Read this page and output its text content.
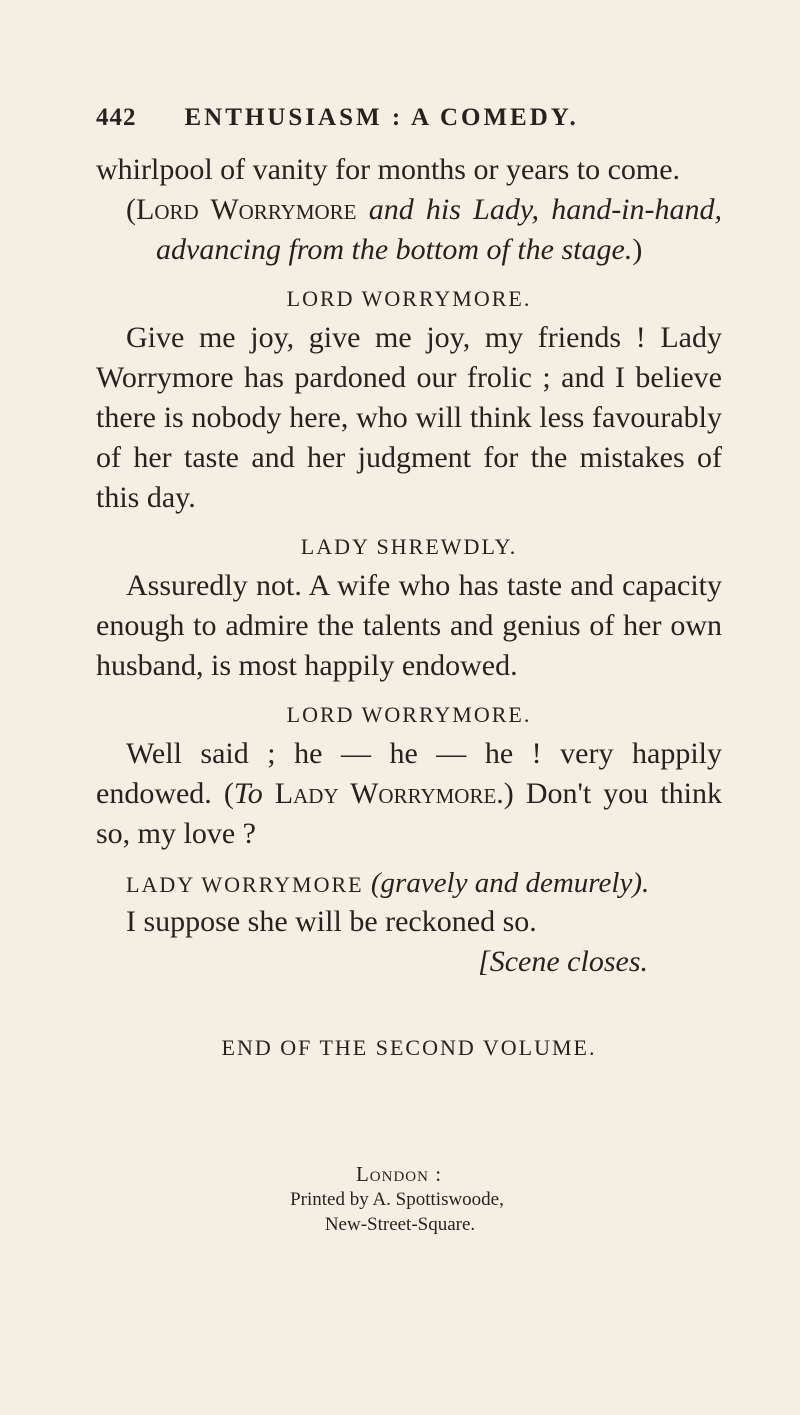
442 ENTHUSIASM : A COMEDY.

whirlpool of vanity for months or years to come.

(Lord Worrymore and his Lady, hand-in-hand, advancing from the bottom of the stage.)

LORD WORRYMORE.

Give me joy, give me joy, my friends ! Lady Worrymore has pardoned our frolic ; and I believe there is nobody here, who will think less favourably of her taste and her judgment for the mistakes of this day.

LADY SHREWDLY.

Assuredly not. A wife who has taste and capacity enough to admire the talents and genius of her own husband, is most happily endowed.

LORD WORRYMORE.

Well said ; he — he — he ! very happily endowed. (To Lady Worrymore.) Don't you think so, my love ?

LADY WORRYMORE (gravely and demurely).

I suppose she will be reckoned so.

[Scene closes.

END OF THE SECOND VOLUME.

London :
Printed by A. Spottiswoode,
New-Street-Square.
